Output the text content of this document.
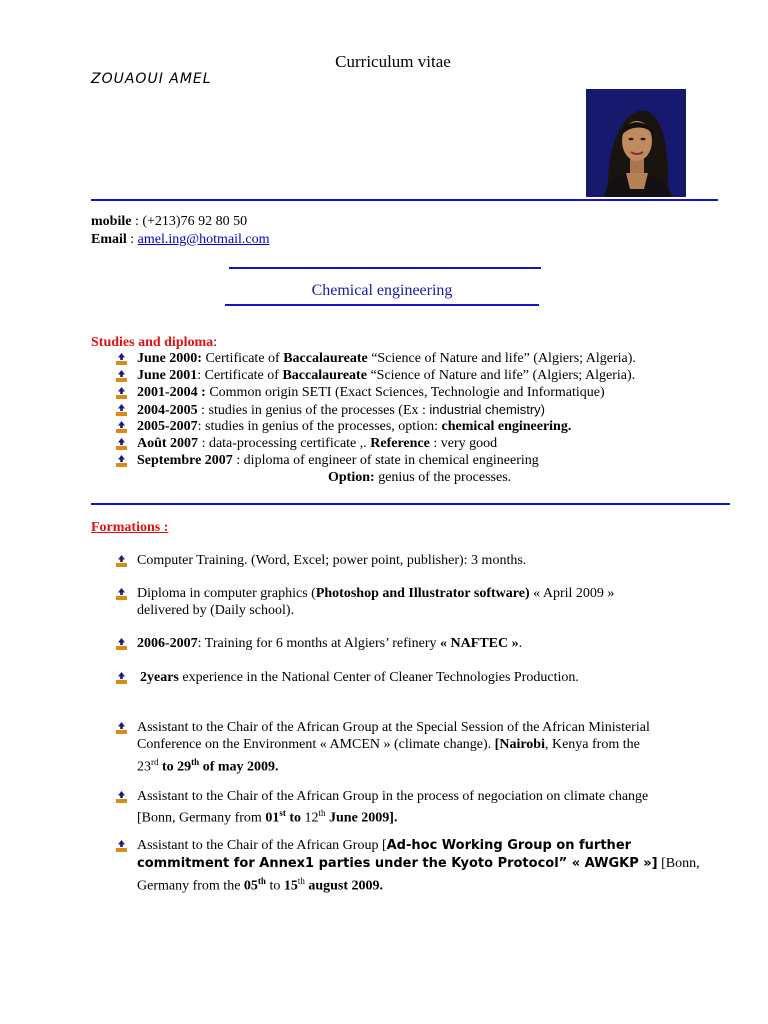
Curriculum vitae
ZOUAOUI AMEL
mobile : (+213)76 92 80 50
Email : amel.ing@hotmail.com
Chemical engineering
Studies and diploma:
June 2000: Certificate of Baccalaureate “Science of Nature and life” (Algiers; Algeria).
June 2001: Certificate of Baccalaureate “Science of Nature and life” (Algiers; Algeria).
2001-2004 : Common origin SETI (Exact Sciences, Technologie and Informatique)
2004-2005 : studies in genius of the processes (Ex : industrial chemistry)
2005-2007: studies in genius of the processes, option: chemical engineering.
Août 2007 : data-processing certificate ,. Reference : very good
Septembre 2007 : diploma of engineer of state in chemical engineering
Option: genius of the processes.
Formations :
Computer Training. (Word, Excel; power point, publisher): 3 months.
Diploma in computer graphics (Photoshop and Illustrator software) « April 2009 »
delivered by (Daily school).
2006-2007: Training for 6 months at Algiers’ refinery « NAFTEC ».
2years experience in the National Center of Cleaner Technologies Production.
Assistant to the Chair of the African Group at the Special Session of the African Ministerial
Conference on the Environment « AMCEN » (climate change). [Nairobi, Kenya from the
23rd to 29th of may 2009.
Assistant to the Chair of the African Group in the process of negociation on climate change
[Bonn, Germany from 01st to 12th June 2009].
Assistant to the Chair of the African Group [Ad-hoc Working Group on further
commitment for Annex1 parties under the Kyoto Protocol” « AWGKP »] [Bonn,
Germany from the 05th to 15th august 2009.
